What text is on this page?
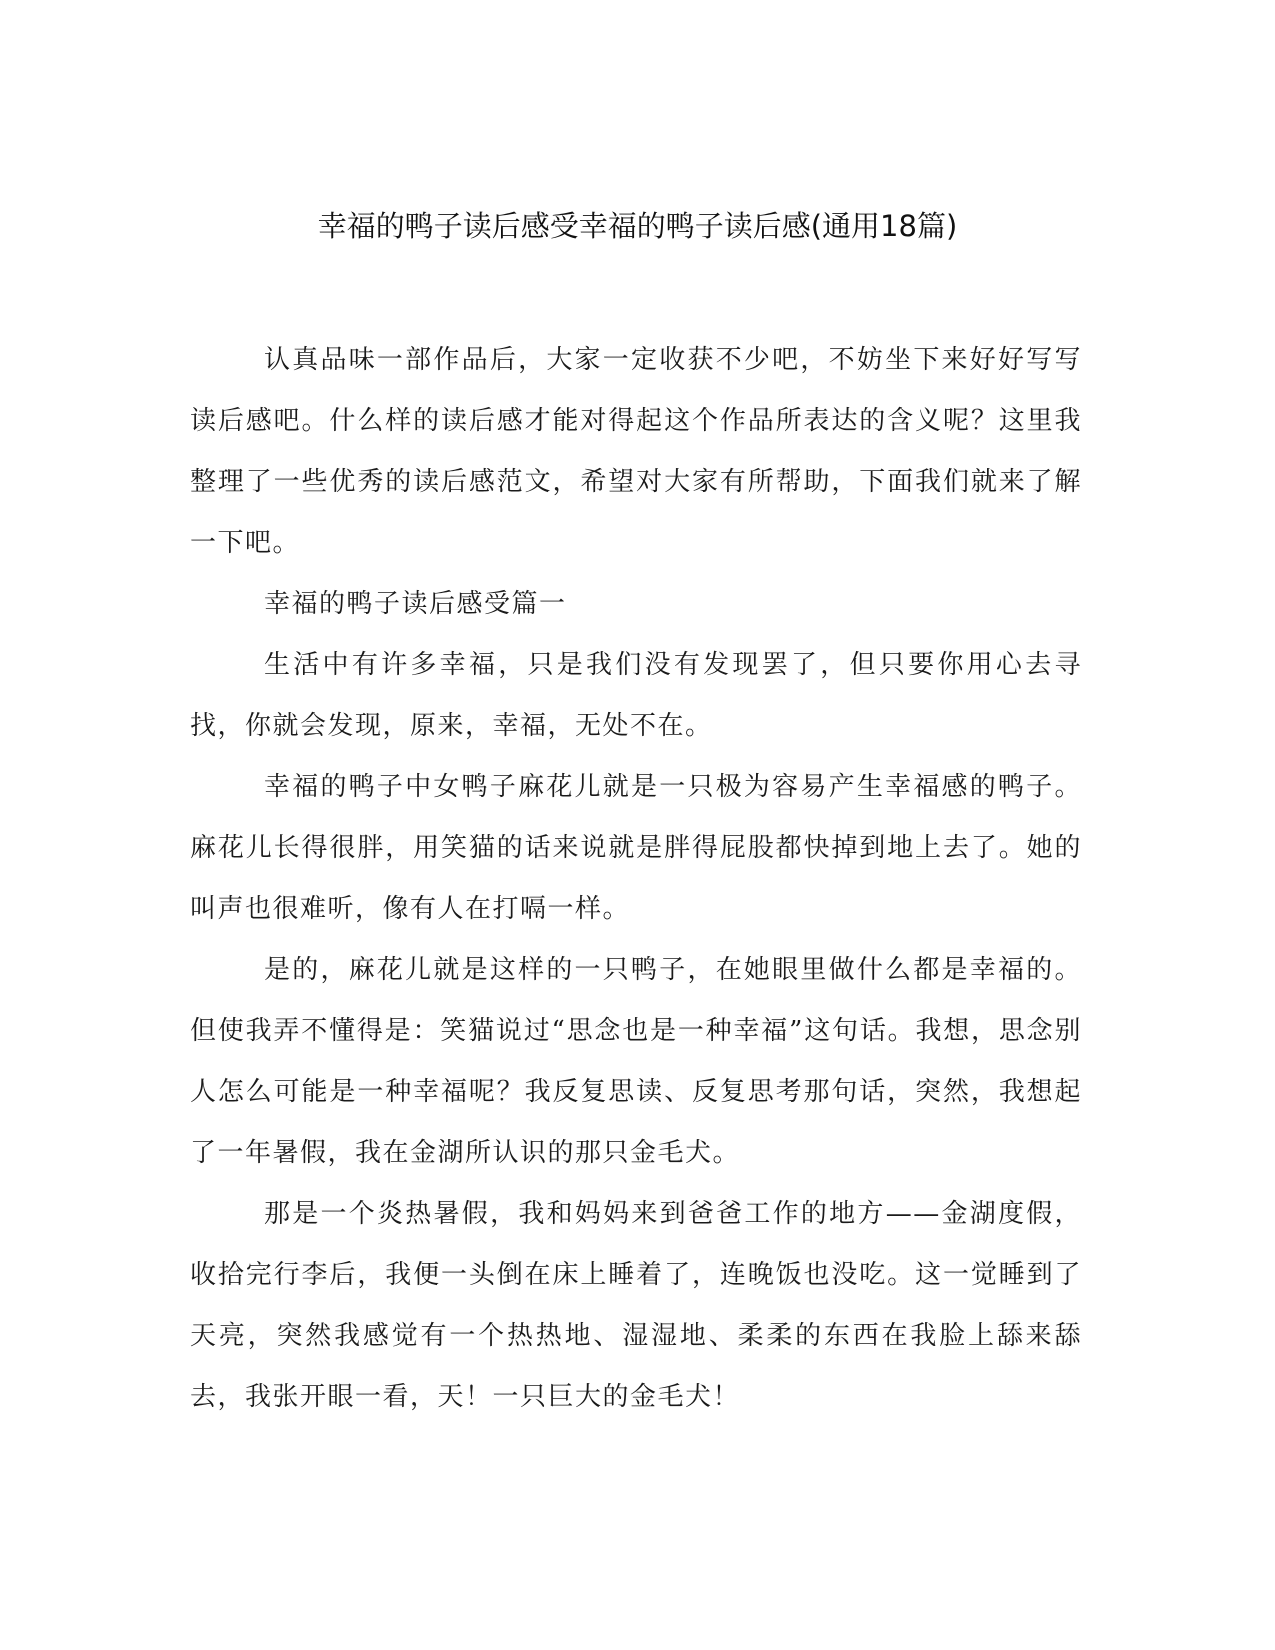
幸福的鸭子读后感受幸福的鸭子读后感(通用18篇)

认真品味一部作品后，大家一定收获不少吧，不妨坐下来好好写写读后感吧。什么样的读后感才能对得起这个作品所表达的含义呢？这里我整理了一些优秀的读后感范文，希望对大家有所帮助，下面我们就来了解一下吧。

幸福的鸭子读后感受篇一

生活中有许多幸福，只是我们没有发现罢了，但只要你用心去寻找，你就会发现，原来，幸福，无处不在。

幸福的鸭子中女鸭子麻花儿就是一只极为容易产生幸福感的鸭子。麻花儿长得很胖，用笑猫的话来说就是胖得屁股都快掉到地上去了。她的叫声也很难听，像有人在打嗝一样。

是的，麻花儿就是这样的一只鸭子，在她眼里做什么都是幸福的。但使我弄不懂得是：笑猫说过“思念也是一种幸福”这句话。我想，思念别人怎么可能是一种幸福呢？我反复思读、反复思考那句话，突然，我想起了一年暑假，我在金湖所认识的那只金毛犬。

那是一个炎热暑假，我和妈妈来到爸爸工作的地方——金湖度假，收拾完行李后，我便一头倒在床上睡着了，连晚饭也没吃。这一觉睡到了天亮，突然我感觉有一个热热地、湿湿地、柔柔的东西在我脸上舔来舔去，我张开眼一看，天！一只巨大的金毛犬！
